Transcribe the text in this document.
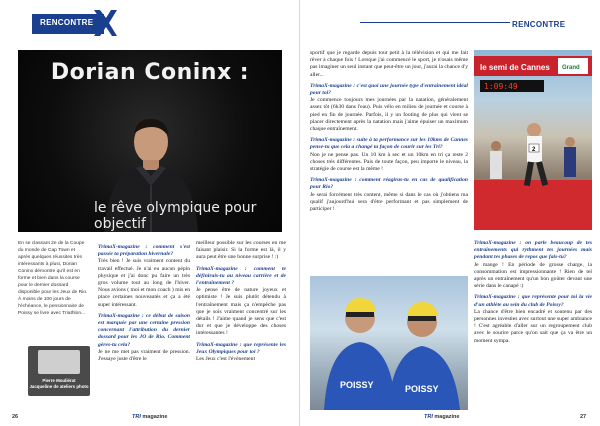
RENCONTRE
Dorian Coninx :
le rêve olympique pour objectif
En se classant 2e de la Coupe du monde de Cap Town et après quelques réussites très intéressants à plusi, Dorian Coninx démontre qu'il est en forme et bien dans la course pour le dernier dossard disponible pour les Jeux de Rio. À moins de 100 jours de l'échéance, le pensionnaire de Poissy se livre avec Triathlon...
Pierre Mouliérat
Jacqueline de ateliers photo
TrimaX-magazine : comment s'est passée ta préparation hivernale?
Très bien ! Je suis vraiment content du travail effectué. Je n'ai eu aucun pépin physique et j'ai donc pu faire un très gros volume tout au long de l'hiver. Nous avions ( moi et mon coach ) mis en place certaines nouveautés et ça a été super intéressant.
TrimaX-magazine : ce début de saison est marquée par une certaine pression concernant l'attribution du dernier dossard pour les JO de Rio. Comment gères-tu cela?
Je ne me met pas vraiment de pression. J'essaye juste d'être le
meilleur possible sur les courses en me faisant plaisir. Si la forme est là, il y aura peut être une bonne surprise ! :)
TrimaX-magazine : comment te définirais-tu au niveau carrière et de l'entraînement ?
Je pense être de nature joyeux et optimiste ! Je suis plutôt détendu à l'entraînement mais ça n'empêche pas que je sois vraiment concentré sur les détails ! J'aime quand je sens que c'est dur et que je développe des choses intéressantes !
TrimaX-magazine : que représente les Jeux Olympiques pour toi ?
Les Jeux c'est l'événement
26	TRI magazine
RENCONTRE
sportif que je regarde depuis tout petit à la télévision et qui me fait rêver à chaque fois ! Lorsque j'ai commencé le sport, je n'osais même pas imaginer un seul instant que peut-être un jour, j'aurai la chance d'y aller...
TrimaX-magazine : c'est quoi une journée type d'entraînement idéal pour toi?
Je commence toujours mes journées par la natation, généralement assez tôt (6h30 dans l'eau). Puis vélo en milieu de journée et course à pied en fin de journée. Parfois, il y un footing de plus qui vient se placer directement après la natation mais j'aime épuiser un maximum chaque entraînement.
TrimaX-magazine : suite à ta performance sur les 10kms de Cannes pense-tu que cela a changé ta façon de courir sur les Tri?
Non je ne pense pas. Un 10 km à sec et un 10km en tri ça reste 2 choses très différentes. Pais de toute façon, peu importe le niveau, la stratégie de course est la même !
TrimaX-magazine : comment réagiras-tu en cas de qualification pour Rio?
Je serai forcément très content, même si dans le cas où j'obtiens ma qualif j'aujourd'hui sera d'être performant et pas simplement de participer !
le semi de Cannes Grand
1:09:49
2
TrimaX-magazine : on parle beaucoup de tes entraînements qui rythment tes journées mais pendant tes phases de repos que fais-tu?
Je mange ! En période de grosse charge, la consommation est impressionnante ! Rien de tel après un entraînement qu'un bon goûter devant une série dans le canapé :)
TrimaX-magazine : que représente pour toi la vie d'un athlète au sein du club de Poissy?
La chance d'être bien encadré et soutenu par des personnes investies avec surtout une super ambiance ! C'est agréable d'aller sur un regroupement club avec le sourire parce qu'on sait que ça va être un moment sympa.
POISSY	POISSY
TRI magazine	27
